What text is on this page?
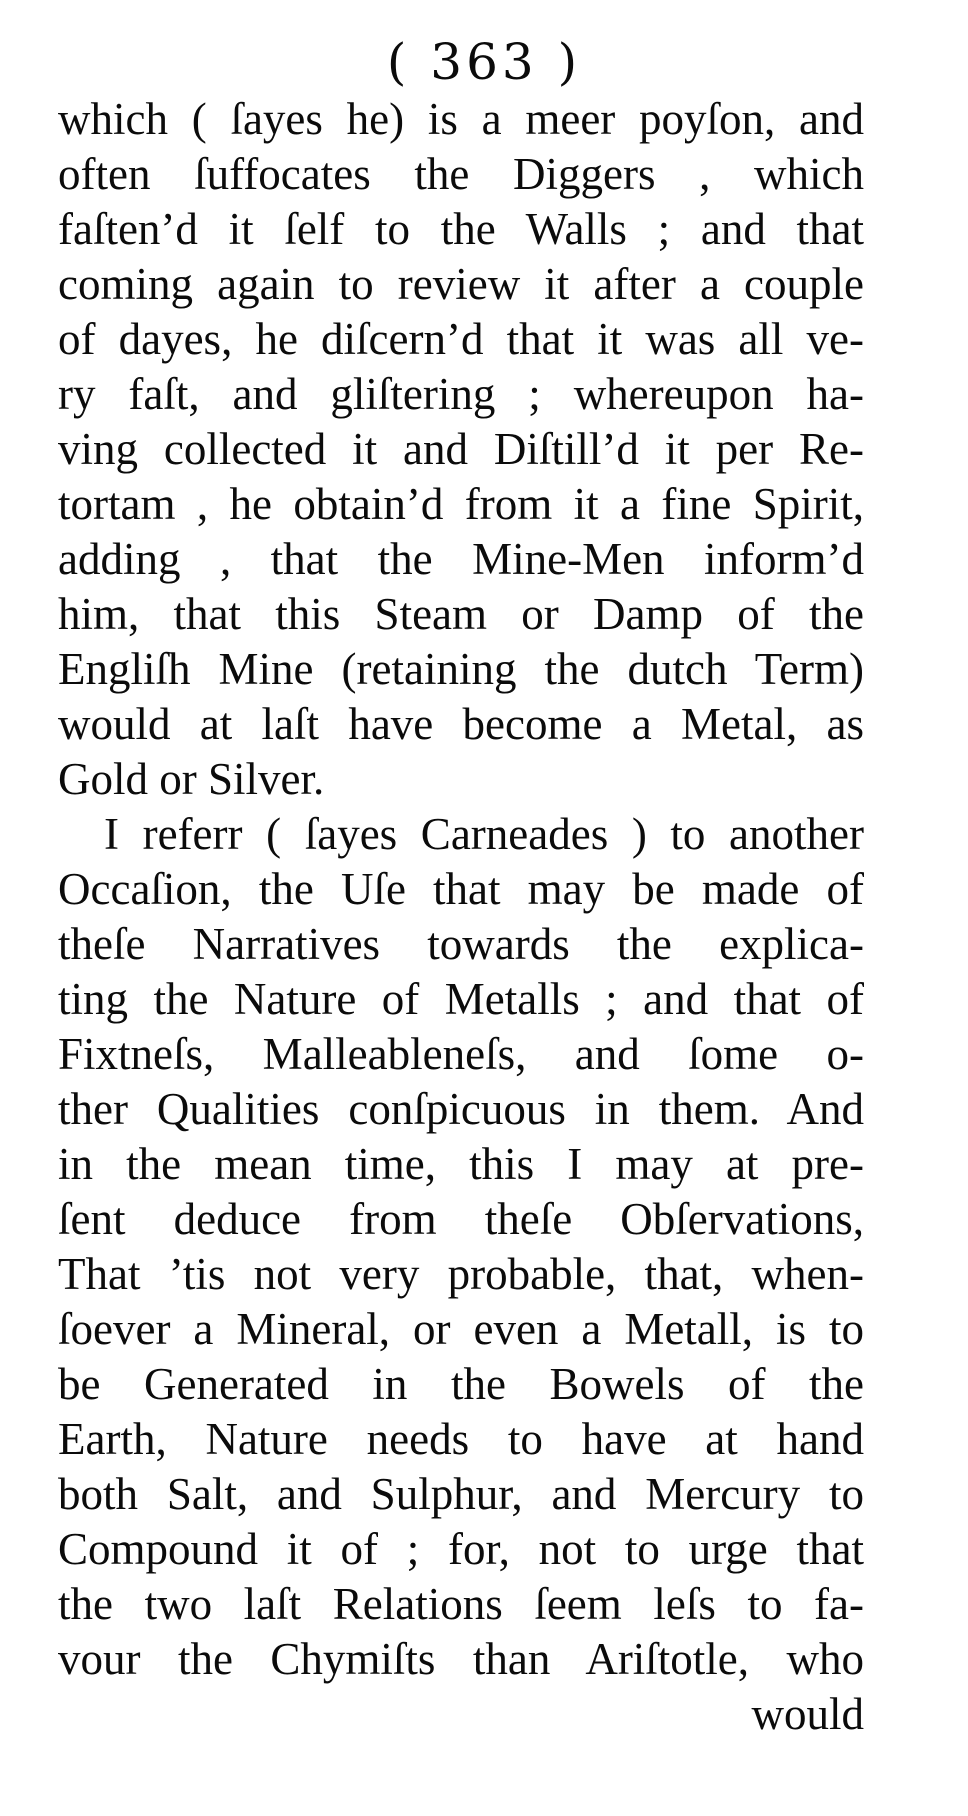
( 363 )
which ( ſayes he) is a meer poyſon, and
often ſuffocates the Diggers , which
faſten’d it ſelf to the Walls ; and that
coming again to review it after a couple
of dayes, he diſcern’d that it was all ve-
ry faſt, and gliſtering ; whereupon ha-
ving collected it and Diſtill’d it per Re-
tortam , he obtain’d from it a fine Spirit,
adding , that the Mine-Men inform’d
him, that this Steam or Damp of the
Engliſh Mine (retaining the dutch Term)
would at laſt have become a Metal, as
Gold or Silver.
I referr ( ſayes Carneades ) to another
Occaſion, the Uſe that may be made of
theſe Narratives towards the explica-
ting the Nature of Metalls ; and that of
Fixtneſs, Malleableneſs, and ſome o-
ther Qualities conſpicuous in them. And
in the mean time, this I may at pre-
ſent deduce from theſe Obſervations,
That ’tis not very probable, that, when-
ſoever a Mineral, or even a Metall, is to
be Generated in the Bowels of the
Earth, Nature needs to have at hand
both Salt, and Sulphur, and Mercury to
Compound it of ; for, not to urge that
the two laſt Relations ſeem leſs to fa-
vour the Chymiſts than Ariſtotle, who
would
